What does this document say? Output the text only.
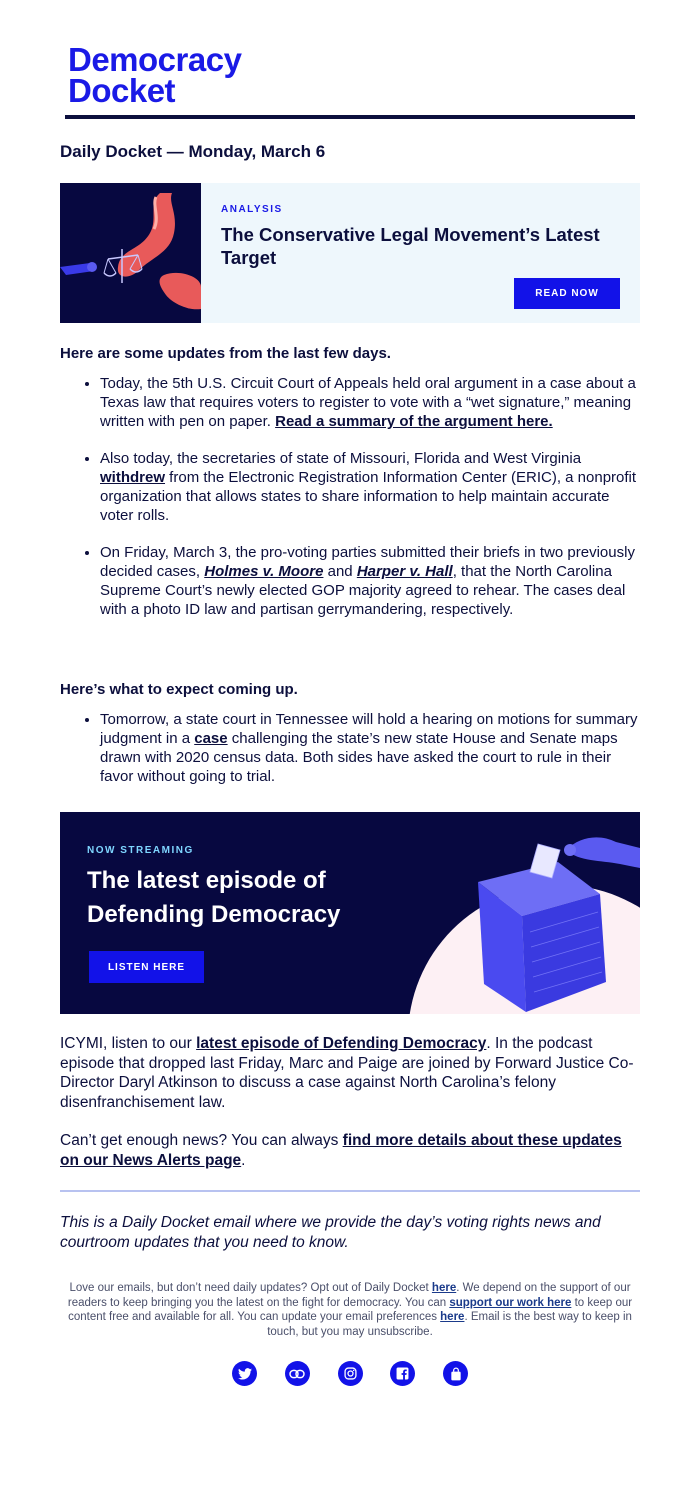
Democracy
Docket
Daily Docket — Monday, March 6
ANALYSIS
The Conservative Legal Movement’s Latest Target
READ NOW
Here are some updates from the last few days.
• Today, the 5th U.S. Circuit Court of Appeals held oral argument in a case about a Texas law that requires voters to register to vote with a “wet signature,” meaning written with pen on paper. Read a summary of the argument here.
• Also today, the secretaries of state of Missouri, Florida and West Virginia withdrew from the Electronic Registration Information Center (ERIC), a nonprofit organization that allows states to share information to help maintain accurate voter rolls.
• On Friday, March 3, the pro-voting parties submitted their briefs in two previously decided cases, Holmes v. Moore and Harper v. Hall, that the North Carolina Supreme Court’s newly elected GOP majority agreed to rehear. The cases deal with a photo ID law and partisan gerrymandering, respectively.
Here’s what to expect coming up.
• Tomorrow, a state court in Tennessee will hold a hearing on motions for summary judgment in a case challenging the state’s new state House and Senate maps drawn with 2020 census data. Both sides have asked the court to rule in their favor without going to trial.
NOW STREAMING
The latest episode of Defending Democracy
LISTEN HERE
ICYMI, listen to our latest episode of Defending Democracy. In the podcast episode that dropped last Friday, Marc and Paige are joined by Forward Justice Co-Director Daryl Atkinson to discuss a case against North Carolina’s felony disenfranchisement law.
Can’t get enough news? You can always find more details about these updates on our News Alerts page.
This is a Daily Docket email where we provide the day’s voting rights news and courtroom updates that you need to know.
Love our emails, but don’t need daily updates? Opt out of Daily Docket here. We depend on the support of our readers to keep bringing you the latest on the fight for democracy. You can support our work here to keep our content free and available for all. You can update your email preferences here. Email is the best way to keep in touch, but you may unsubscribe.
